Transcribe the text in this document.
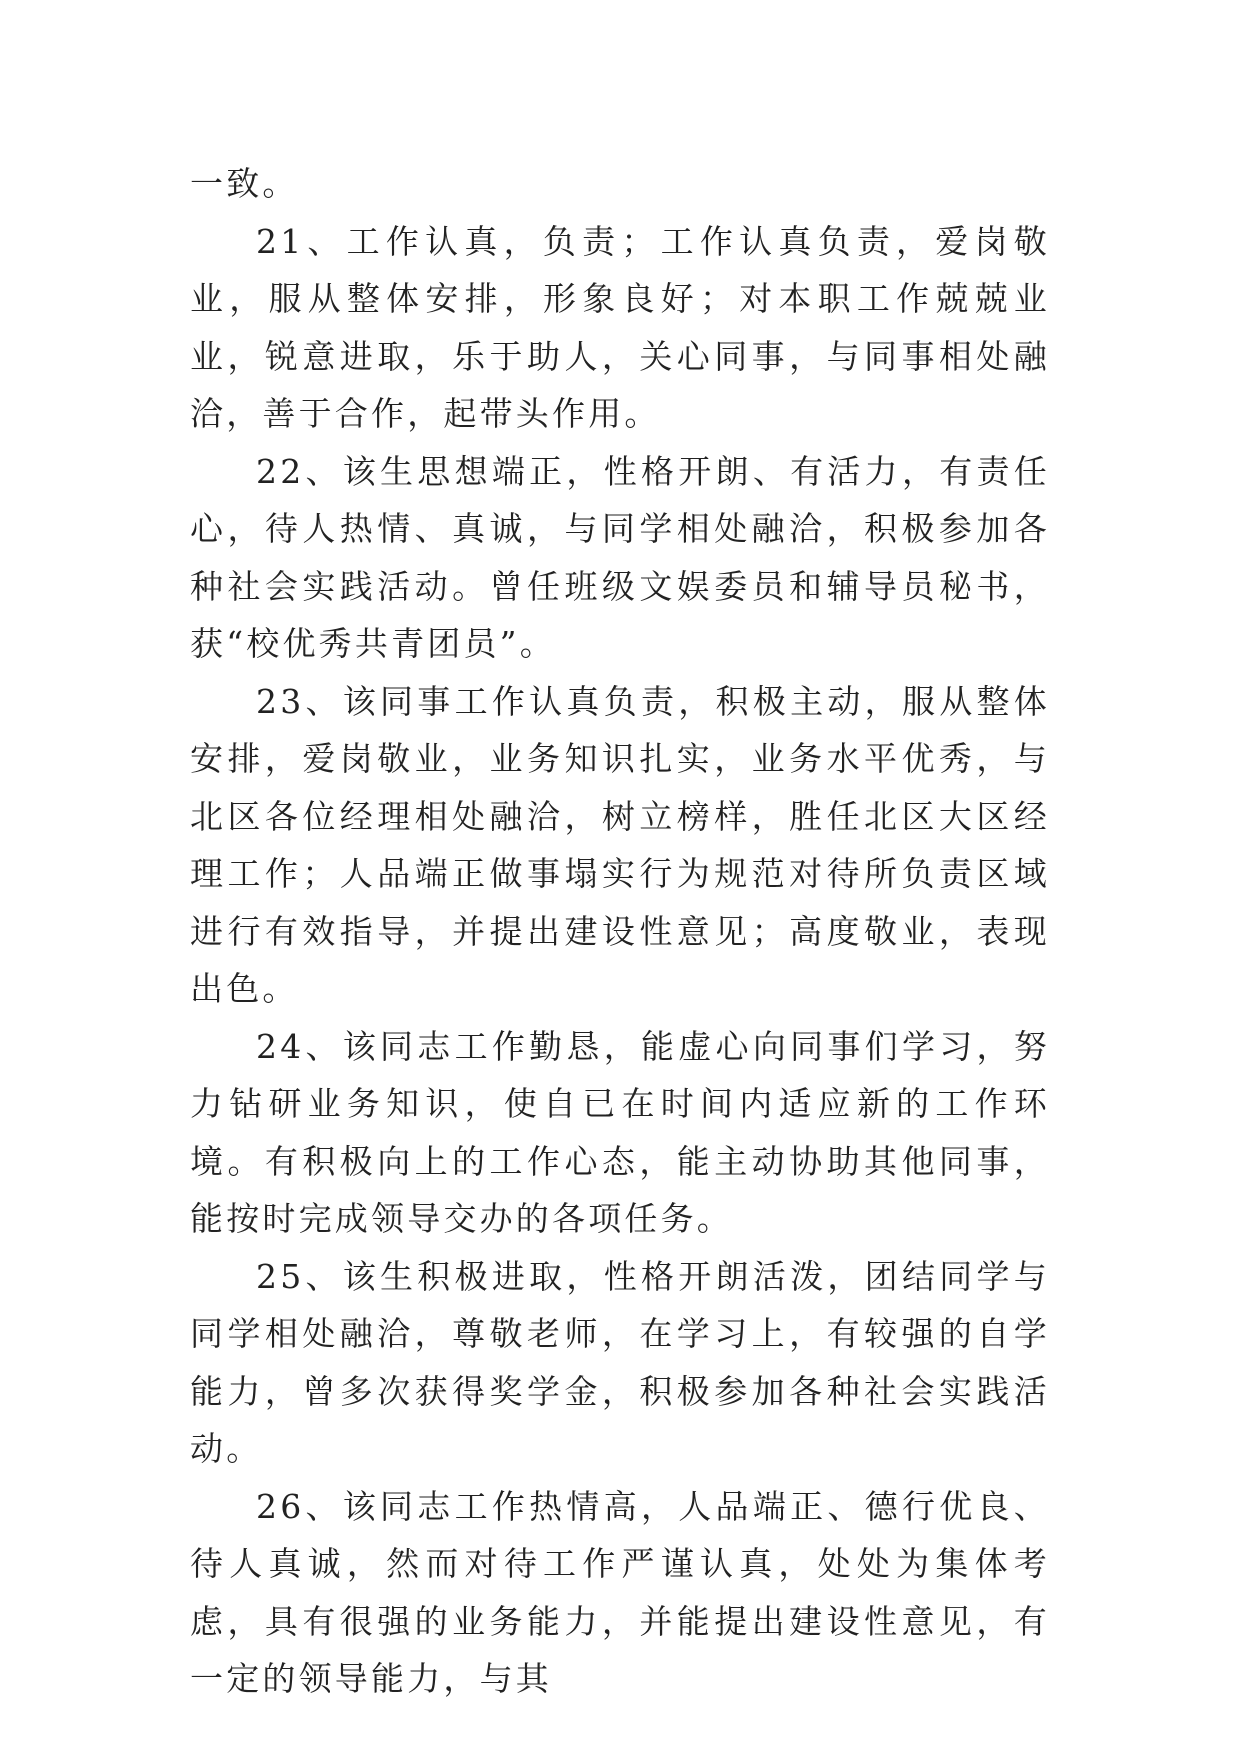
一致。

21、工作认真，负责；工作认真负责，爱岗敬业，服从整体安排，形象良好；对本职工作兢兢业业，锐意进取，乐于助人，关心同事，与同事相处融洽，善于合作，起带头作用。

22、该生思想端正，性格开朗、有活力，有责任心，待人热情、真诚，与同学相处融洽，积极参加各种社会实践活动。曾任班级文娱委员和辅导员秘书，获“校优秀共青团员”。

23、该同事工作认真负责，积极主动，服从整体安排，爱岗敬业，业务知识扎实，业务水平优秀，与北区各位经理相处融洽，树立榜样，胜任北区大区经理工作；人品端正做事塌实行为规范对待所负责区域进行有效指导，并提出建设性意见；高度敬业，表现出色。

24、该同志工作勤恳，能虚心向同事们学习，努力钻研业务知识，使自已在时间内适应新的工作环境。有积极向上的工作心态，能主动协助其他同事，能按时完成领导交办的各项任务。

25、该生积极进取，性格开朗活泼，团结同学与同学相处融洽，尊敬老师，在学习上，有较强的自学能力，曾多次获得奖学金，积极参加各种社会实践活动。

26、该同志工作热情高，人品端正、德行优良、待人真诚，然而对待工作严谨认真，处处为集体考虑，具有很强的业务能力，并能提出建设性意见，有一定的领导能力，与其
